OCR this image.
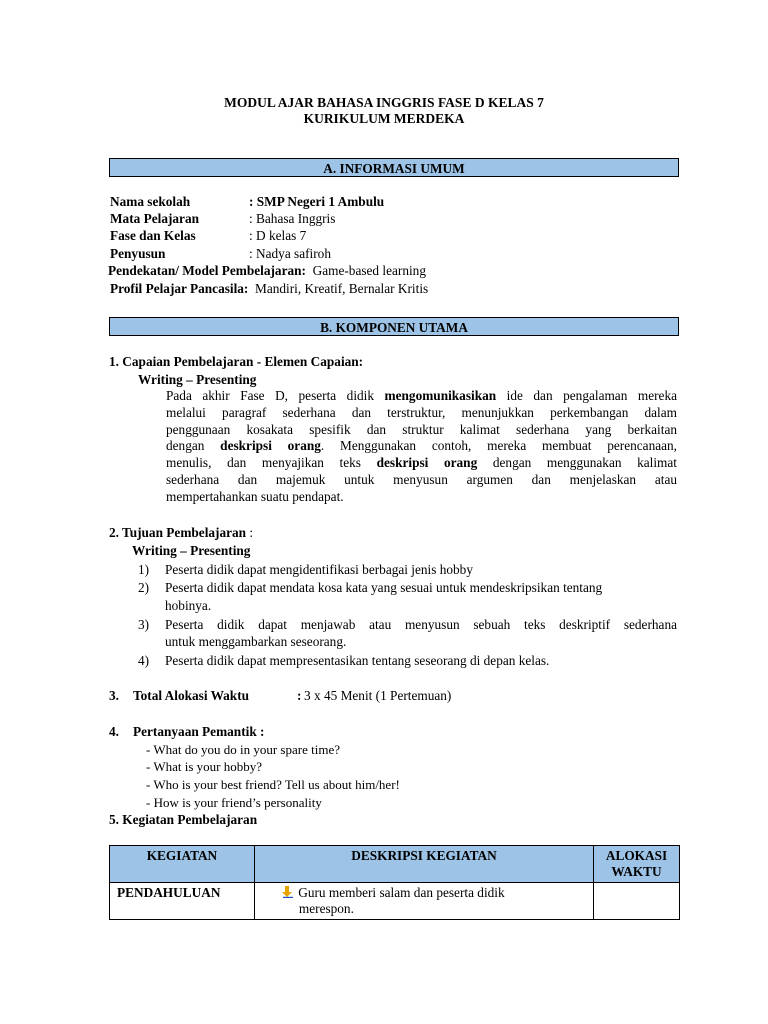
MODUL AJAR BAHASA INGGRIS FASE D KELAS 7
KURIKULUM MERDEKA
A. INFORMASI UMUM
Nama sekolah	: SMP Negeri 1 Ambulu
Mata Pelajaran	: Bahasa Inggris
Fase dan Kelas	: D kelas 7
Penyusun	: Nadya safiroh
Pendekatan/ Model Pembelajaran: Game-based learning
Profil Pelajar Pancasila: Mandiri, Kreatif, Bernalar Kritis
B. KOMPONEN UTAMA
1. Capaian Pembelajaran - Elemen Capaian:
Writing – Presenting
Pada akhir Fase D, peserta didik mengomunikasikan ide dan pengalaman mereka
melalui paragraf sederhana dan terstruktur, menunjukkan perkembangan dalam
penggunaan kosakata spesifik dan struktur kalimat sederhana yang berkaitan
dengan deskripsi orang. Menggunakan contoh, mereka membuat perencanaan,
menulis, dan menyajikan teks deskripsi orang dengan menggunakan kalimat
sederhana dan majemuk untuk menyusun argumen dan menjelaskan atau
mempertahankan suatu pendapat.
2. Tujuan Pembelajaran :
Writing – Presenting
1)	Peserta didik dapat mengidentifikasi berbagai jenis hobby
2)	Peserta didik dapat mendata kosa kata yang sesuai untuk mendeskripsikan tentang
hobinya.
3)	Peserta didik dapat menjawab atau menyusun sebuah teks deskriptif sederhana
untuk menggambarkan seseorang.
4)	Peserta didik dapat mempresentasikan tentang seseorang di depan kelas.
3. Total Alokasi Waktu	: 3 x 45 Menit (1 Pertemuan)
4. Pertanyaan Pemantik :
- What do you do in your spare time?
- What is your hobby?
- Who is your best friend? Tell us about him/her!
- How is your friend’s personality
5. Kegiatan Pembelajaran
KEGIATAN	DESKRIPSI KEGIATAN	ALOKASI
WAKTU
PENDAHULUAN	Guru memberi salam dan peserta didik
merespon.	
